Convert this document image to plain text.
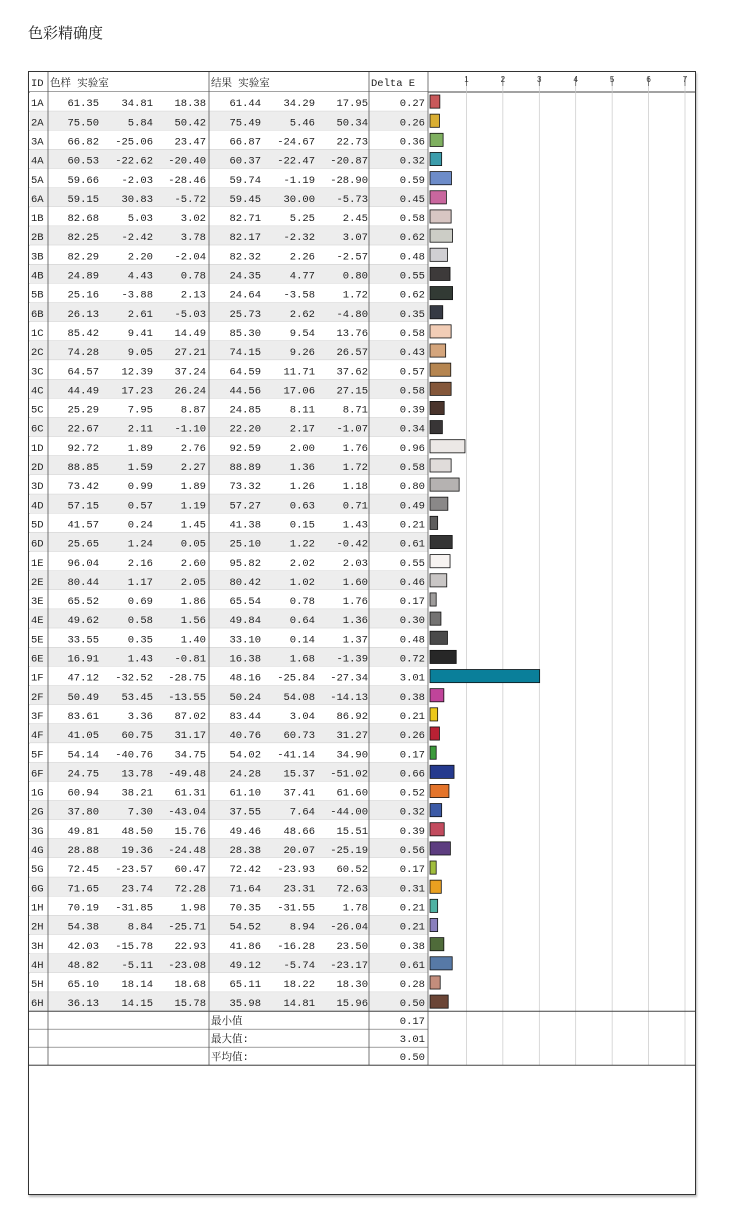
色彩精确度
ID 色样 实验室	结果 实验室	Delta E	1	2	3	4	5	6	7
1A 61.35 34.81 18.38 61.44 34.29 17.95	0.27
2A 75.50	5.84 50.42 75.49	5.46 50.34	0.26
3A 66.82 -25.06 23.47 66.87 -24.67 22.73	0.36
4A 60.53 -22.62 -20.40 60.37 -22.47 -20.87	0.32
5A 59.66 -2.03 -28.46 59.74 -1.19 -28.90	0.59
6A 59.15 30.83 -5.72 59.45 30.00 -5.73	0.45
1B 82.68	5.03	3.02 82.71	5.25	2.45	0.58
2B 82.25 -2.42	3.78 82.17 -2.32	3.07	0.62
3B 82.29	2.20 -2.04 82.32	2.26 -2.57	0.48
4B 24.89	4.43	0.78 24.35	4.77	0.80	0.55
5B 25.16 -3.88	2.13 24.64 -3.58	1.72	0.62
6B 26.13	2.61 -5.03 25.73	2.62 -4.80	0.35
1C 85.42	9.41 14.49 85.30	9.54 13.76	0.58
2C 74.28	9.05 27.21 74.15	9.26 26.57	0.43
3C 64.57 12.39 37.24 64.59 11.71 37.62	0.57
4C 44.49 17.23 26.24 44.56 17.06 27.15	0.58
5C 25.29	7.95	8.87 24.85	8.11	8.71	0.39
6C 22.67	2.11 -1.10 22.20	2.17 -1.07	0.34
1D 92.72	1.89	2.76 92.59	2.00	1.76	0.96
2D 88.85	1.59	2.27 88.89	1.36	1.72	0.58
3D 73.42	0.99	1.89 73.32	1.26	1.18	0.80
4D 57.15	0.57	1.19 57.27	0.63	0.71	0.49
5D 41.57	0.24	1.45 41.38	0.15	1.43	0.21
6D 25.65	1.24	0.05 25.10	1.22 -0.42	0.61
1E 96.04	2.16	2.60 95.82	2.02	2.03	0.55
2E 80.44	1.17	2.05 80.42	1.02	1.60	0.46
3E 65.52	0.69	1.86 65.54	0.78	1.76	0.17
4E 49.62	0.58	1.56 49.84	0.64	1.36	0.30
5E 33.55	0.35	1.40 33.10	0.14	1.37	0.48
6E 16.91	1.43 -0.81 16.38	1.68 -1.39	0.72
1F 47.12 -32.52 -28.75 48.16 -25.84 -27.34	3.01
2F 50.49 53.45 -13.55 50.24 54.08 -14.13	0.38
3F 83.61	3.36 87.02 83.44	3.04 86.92	0.21
4F 41.05 60.75 31.17 40.76 60.73 31.27	0.26
5F 54.14 -40.76 34.75 54.02 -41.14 34.90	0.17
6F 24.75 13.78 -49.48 24.28 15.37 -51.02	0.66
1G 60.94 38.21 61.31 61.10 37.41 61.60	0.52
2G 37.80	7.30 -43.04 37.55	7.64 -44.00	0.32
3G 49.81 48.50 15.76 49.46 48.66 15.51	0.39
4G 28.88 19.36 -24.48 28.38 20.07 -25.19	0.56
5G 72.45 -23.57 60.47 72.42 -23.93 60.52	0.17
6G 71.65 23.74 72.28 71.64 23.31 72.63	0.31
1H 70.19 -31.85	1.98 70.35 -31.55	1.78	0.21
2H 54.38	8.84 -25.71 54.52	8.94 -26.04	0.21
3H 42.03 -15.78 22.93 41.86 -16.28 23.50	0.38
4H 48.82 -5.11 -23.08 49.12 -5.74 -23.17	0.61
5H 65.10 18.14 18.68 65.11 18.22 18.30	0.28
6H 36.13 14.15 15.78 35.98 14.81 15.96	0.50
最小值	0.17
最大值:	3.01
平均值:	0.50
